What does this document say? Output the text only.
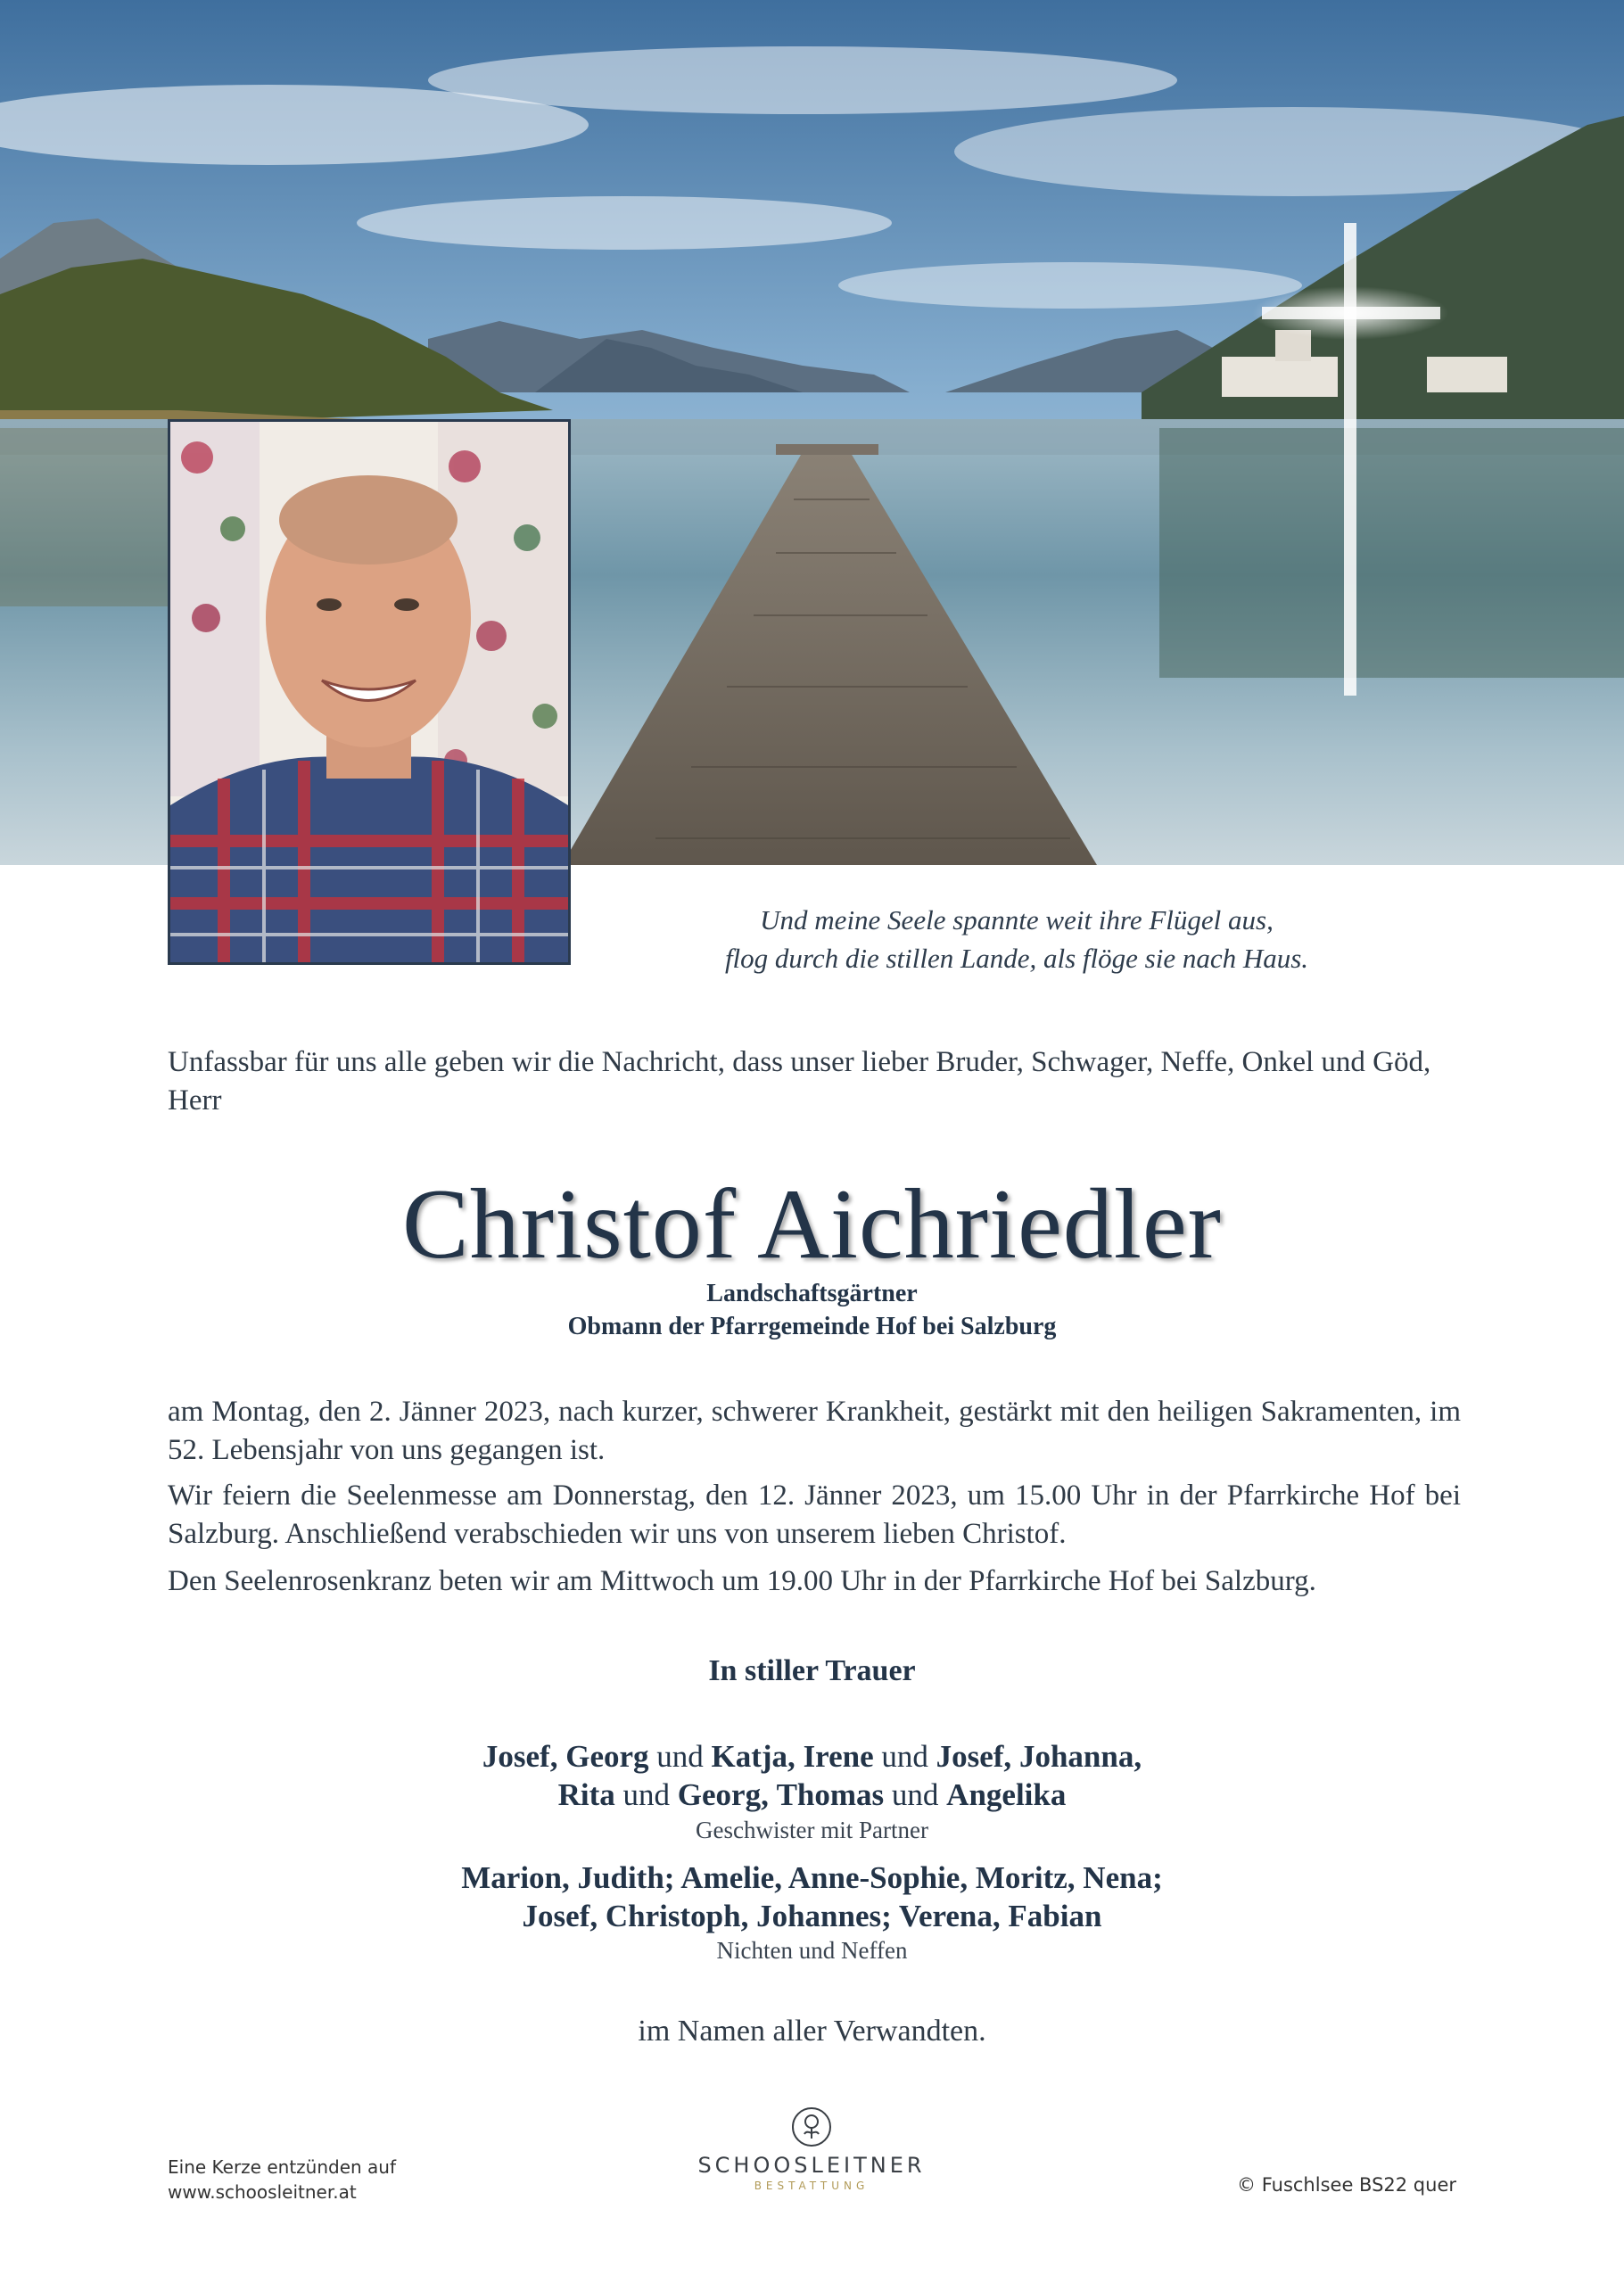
Und meine Seele spannte weit ihre Flügel aus,
flog durch die stillen Lande, als flöge sie nach Haus.
Unfassbar für uns alle geben wir die Nachricht, dass unser lieber Bruder, Schwager, Neffe, Onkel und Göd, Herr
Christof Aichriedler
Landschaftsgärtner
Obmann der Pfarrgemeinde Hof bei Salzburg
am Montag, den 2. Jänner 2023, nach kurzer, schwerer Krankheit, gestärkt mit den heiligen Sakramenten, im 52. Lebensjahr von uns gegangen ist.
Wir feiern die Seelenmesse am Donnerstag, den 12. Jänner 2023, um 15.00 Uhr in der Pfarrkirche Hof bei Salzburg. Anschließend verabschieden wir uns von unserem lieben Christof.
Den Seelenrosenkranz beten wir am Mittwoch um 19.00 Uhr in der Pfarrkirche Hof bei Salzburg.
In stiller Trauer
Josef, Georg und Katja, Irene und Josef, Johanna,
Rita und Georg, Thomas und Angelika
Geschwister mit Partner
Marion, Judith; Amelie, Anne-Sophie, Moritz, Nena;
Josef, Christoph, Johannes; Verena, Fabian
Nichten und Neffen
im Namen aller Verwandten.
Eine Kerze entzünden auf
www.schoosleitner.at
SCHOOSLEITNER
BESTATTUNG	© Fuschlsee BS22 quer
